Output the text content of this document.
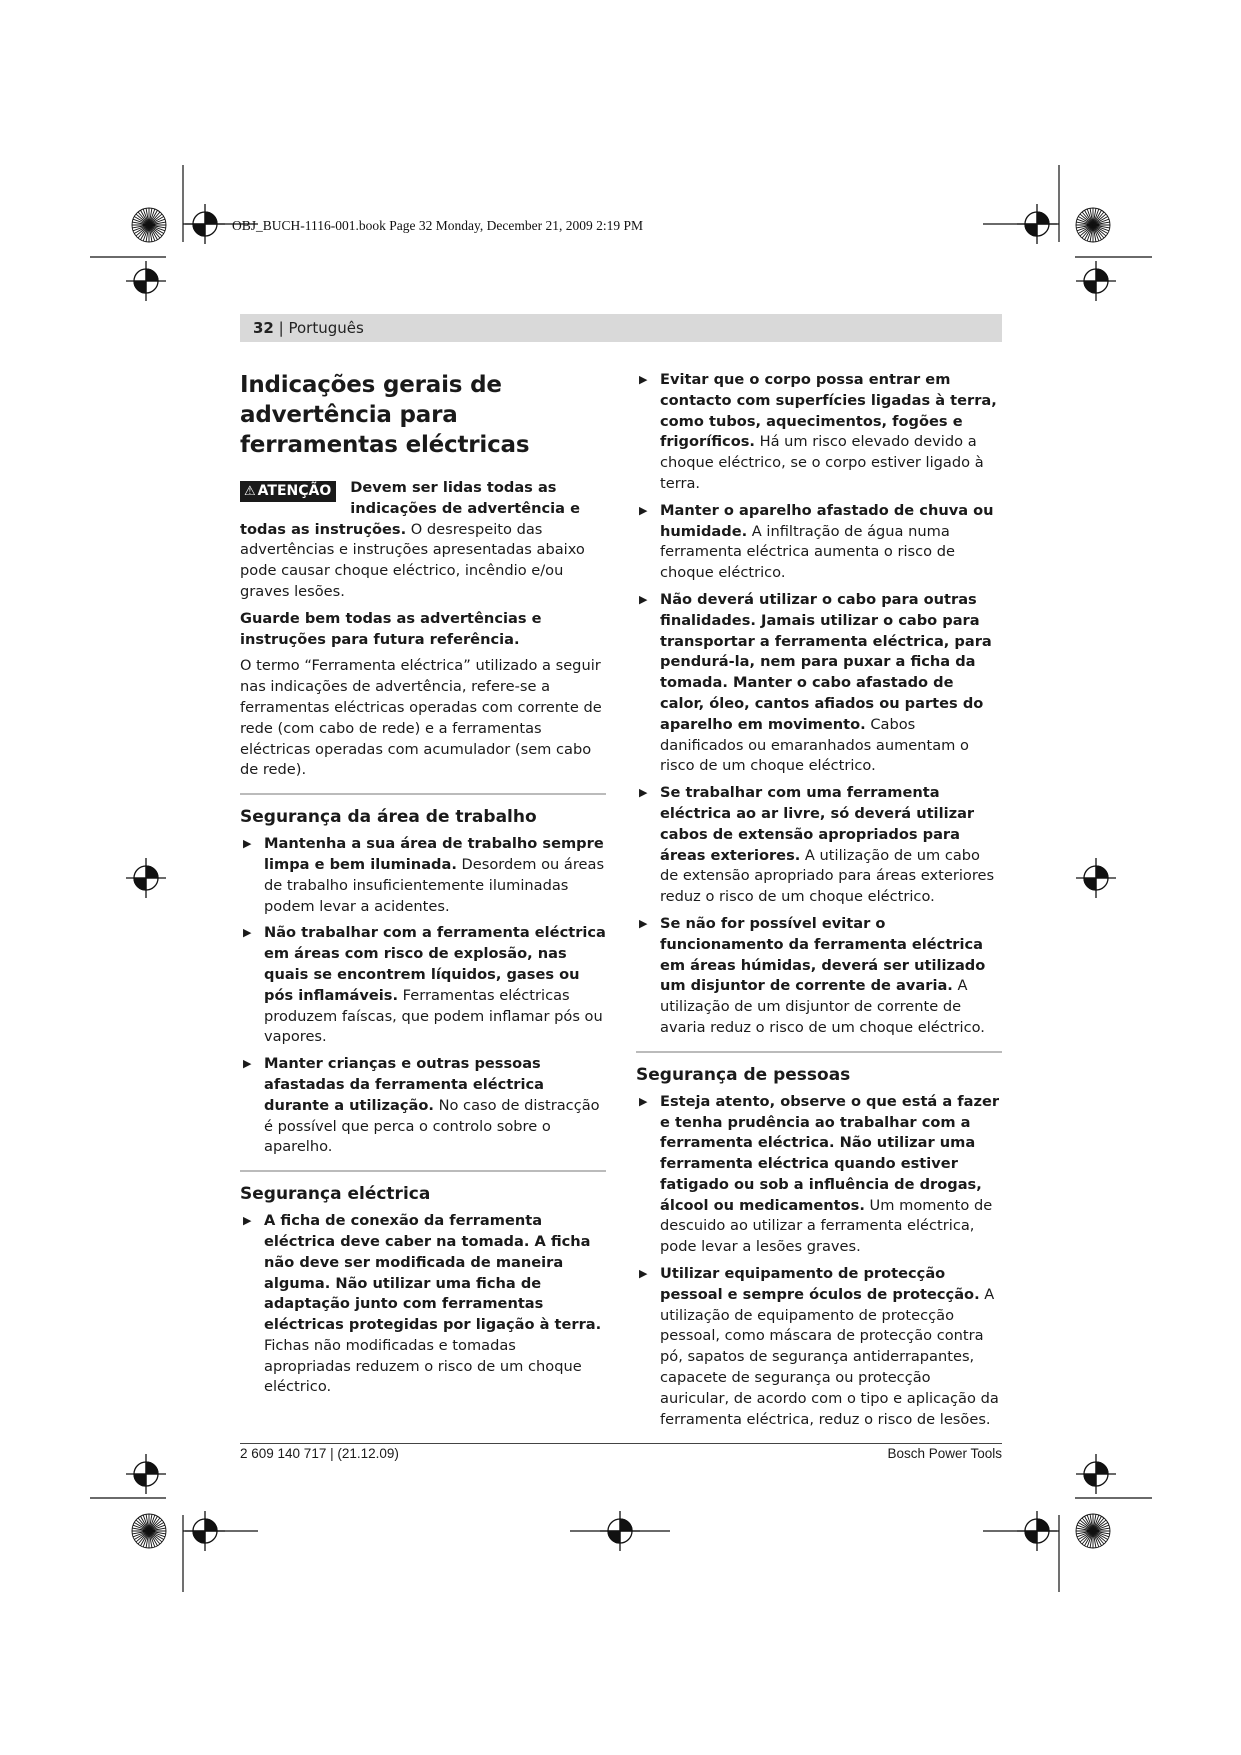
OBJ_BUCH-1116-001.book Page 32 Monday, December 21, 2009 2:19 PM
32 | Português
Indicações gerais de advertência para ferramentas eléctricas

⚠ ATENÇÃO	Devem ser lidas todas as indicações de advertência e todas as instruções. O desrespeito das advertências e instruções apresentadas abaixo pode causar choque eléctrico, incêndio e/ou graves lesões.

Guarde bem todas as advertências e instruções para futura referência.

O termo “Ferramenta eléctrica” utilizado a seguir nas indicações de advertência, refere-se a ferramentas eléctricas operadas com corrente de rede (com cabo de rede) e a ferramentas eléctricas operadas com acumulador (sem cabo de rede).

Segurança da área de trabalho
▶ Mantenha a sua área de trabalho sempre limpa e bem iluminada. Desordem ou áreas de trabalho insuficientemente iluminadas podem levar a acidentes.
▶ Não trabalhar com a ferramenta eléctrica em áreas com risco de explosão, nas quais se encontrem líquidos, gases ou pós inflamáveis. Ferramentas eléctricas produzem faíscas, que podem inflamar pós ou vapores.
▶ Manter crianças e outras pessoas afastadas da ferramenta eléctrica durante a utilização. No caso de distracção é possível que perca o controlo sobre o aparelho.
Segurança eléctrica
▶ A ficha de conexão da ferramenta eléctrica deve caber na tomada. A ficha não deve ser modificada de maneira alguma. Não utilizar uma ficha de adaptação junto com ferramentas eléctricas protegidas por ligação à terra. Fichas não modificadas e tomadas apropriadas reduzem o risco de um choque eléctrico.
▶ Evitar que o corpo possa entrar em contacto com superfícies ligadas à terra, como tubos, aquecimentos, fogões e frigoríficos. Há um risco elevado devido a choque eléctrico, se o corpo estiver ligado à terra.
▶ Manter o aparelho afastado de chuva ou humidade. A infiltração de água numa ferramenta eléctrica aumenta o risco de choque eléctrico.
▶ Não deverá utilizar o cabo para outras finalidades. Jamais utilizar o cabo para transportar a ferramenta eléctrica, para pendurá-la, nem para puxar a ficha da tomada. Manter o cabo afastado de calor, óleo, cantos afiados ou partes do aparelho em movimento. Cabos danificados ou emaranhados aumentam o risco de um choque eléctrico.
▶ Se trabalhar com uma ferramenta eléctrica ao ar livre, só deverá utilizar cabos de extensão apropriados para áreas exteriores. A utilização de um cabo de extensão apropriado para áreas exteriores reduz o risco de um choque eléctrico.
▶ Se não for possível evitar o funcionamento da ferramenta eléctrica em áreas húmidas, deverá ser utilizado um disjuntor de corrente de avaria. A utilização de um disjuntor de corrente de avaria reduz o risco de um choque eléctrico.
Segurança de pessoas
▶ Esteja atento, observe o que está a fazer e tenha prudência ao trabalhar com a ferramenta eléctrica. Não utilizar uma ferramenta eléctrica quando estiver fatigado ou sob a influência de drogas, álcool ou medicamentos. Um momento de descuido ao utilizar a ferramenta eléctrica, pode levar a lesões graves.
▶ Utilizar equipamento de protecção pessoal e sempre óculos de protecção. A utilização de equipamento de protecção pessoal, como máscara de protecção contra pó, sapatos de segurança antiderrapantes, capacete de segurança ou protecção auricular, de acordo com o tipo e aplicação da ferramenta eléctrica, reduz o risco de lesões.
2 609 140 717 | (21.12.09)	Bosch Power Tools
